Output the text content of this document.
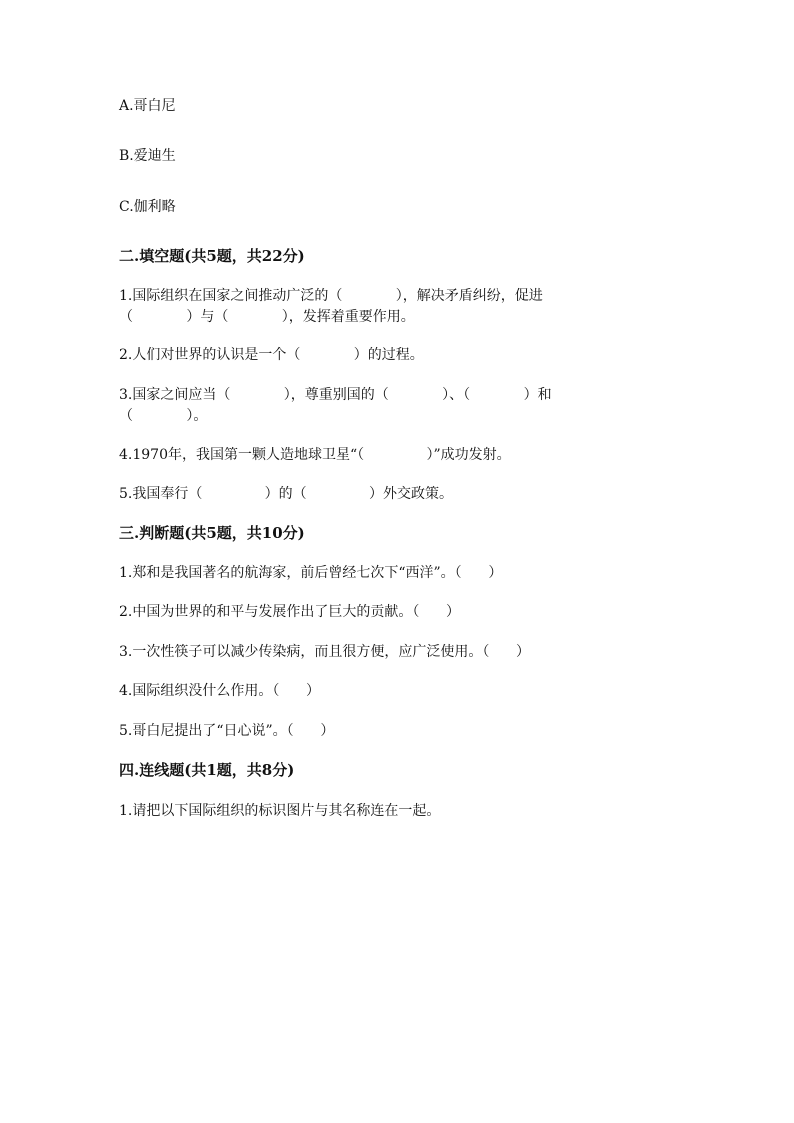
A.哥白尼
B.爱迪生
C.伽利略
二.填空题(共5题，共22分)
1.国际组织在国家之间推动广泛的（            ），解决矛盾纠纷，促进
（            ）与（            ），发挥着重要作用。
2.人们对世界的认识是一个（            ）的过程。
3.国家之间应当（            ），尊重别国的（            ）、（            ）和
（            ）。
4.1970年，我国第一颗人造地球卫星“（              ）”成功发射。
5.我国奉行（              ）的（              ）外交政策。
三.判断题(共5题，共10分)
1.郑和是我国著名的航海家，前后曾经七次下“西洋”。（      ）
2.中国为世界的和平与发展作出了巨大的贡献。（      ）
3.一次性筷子可以减少传染病，而且很方便，应广泛使用。（      ）
4.国际组织没什么作用。（      ）
5.哥白尼提出了“日心说”。（      ）
四.连线题(共1题，共8分)
1.请把以下国际组织的标识图片与其名称连在一起。
